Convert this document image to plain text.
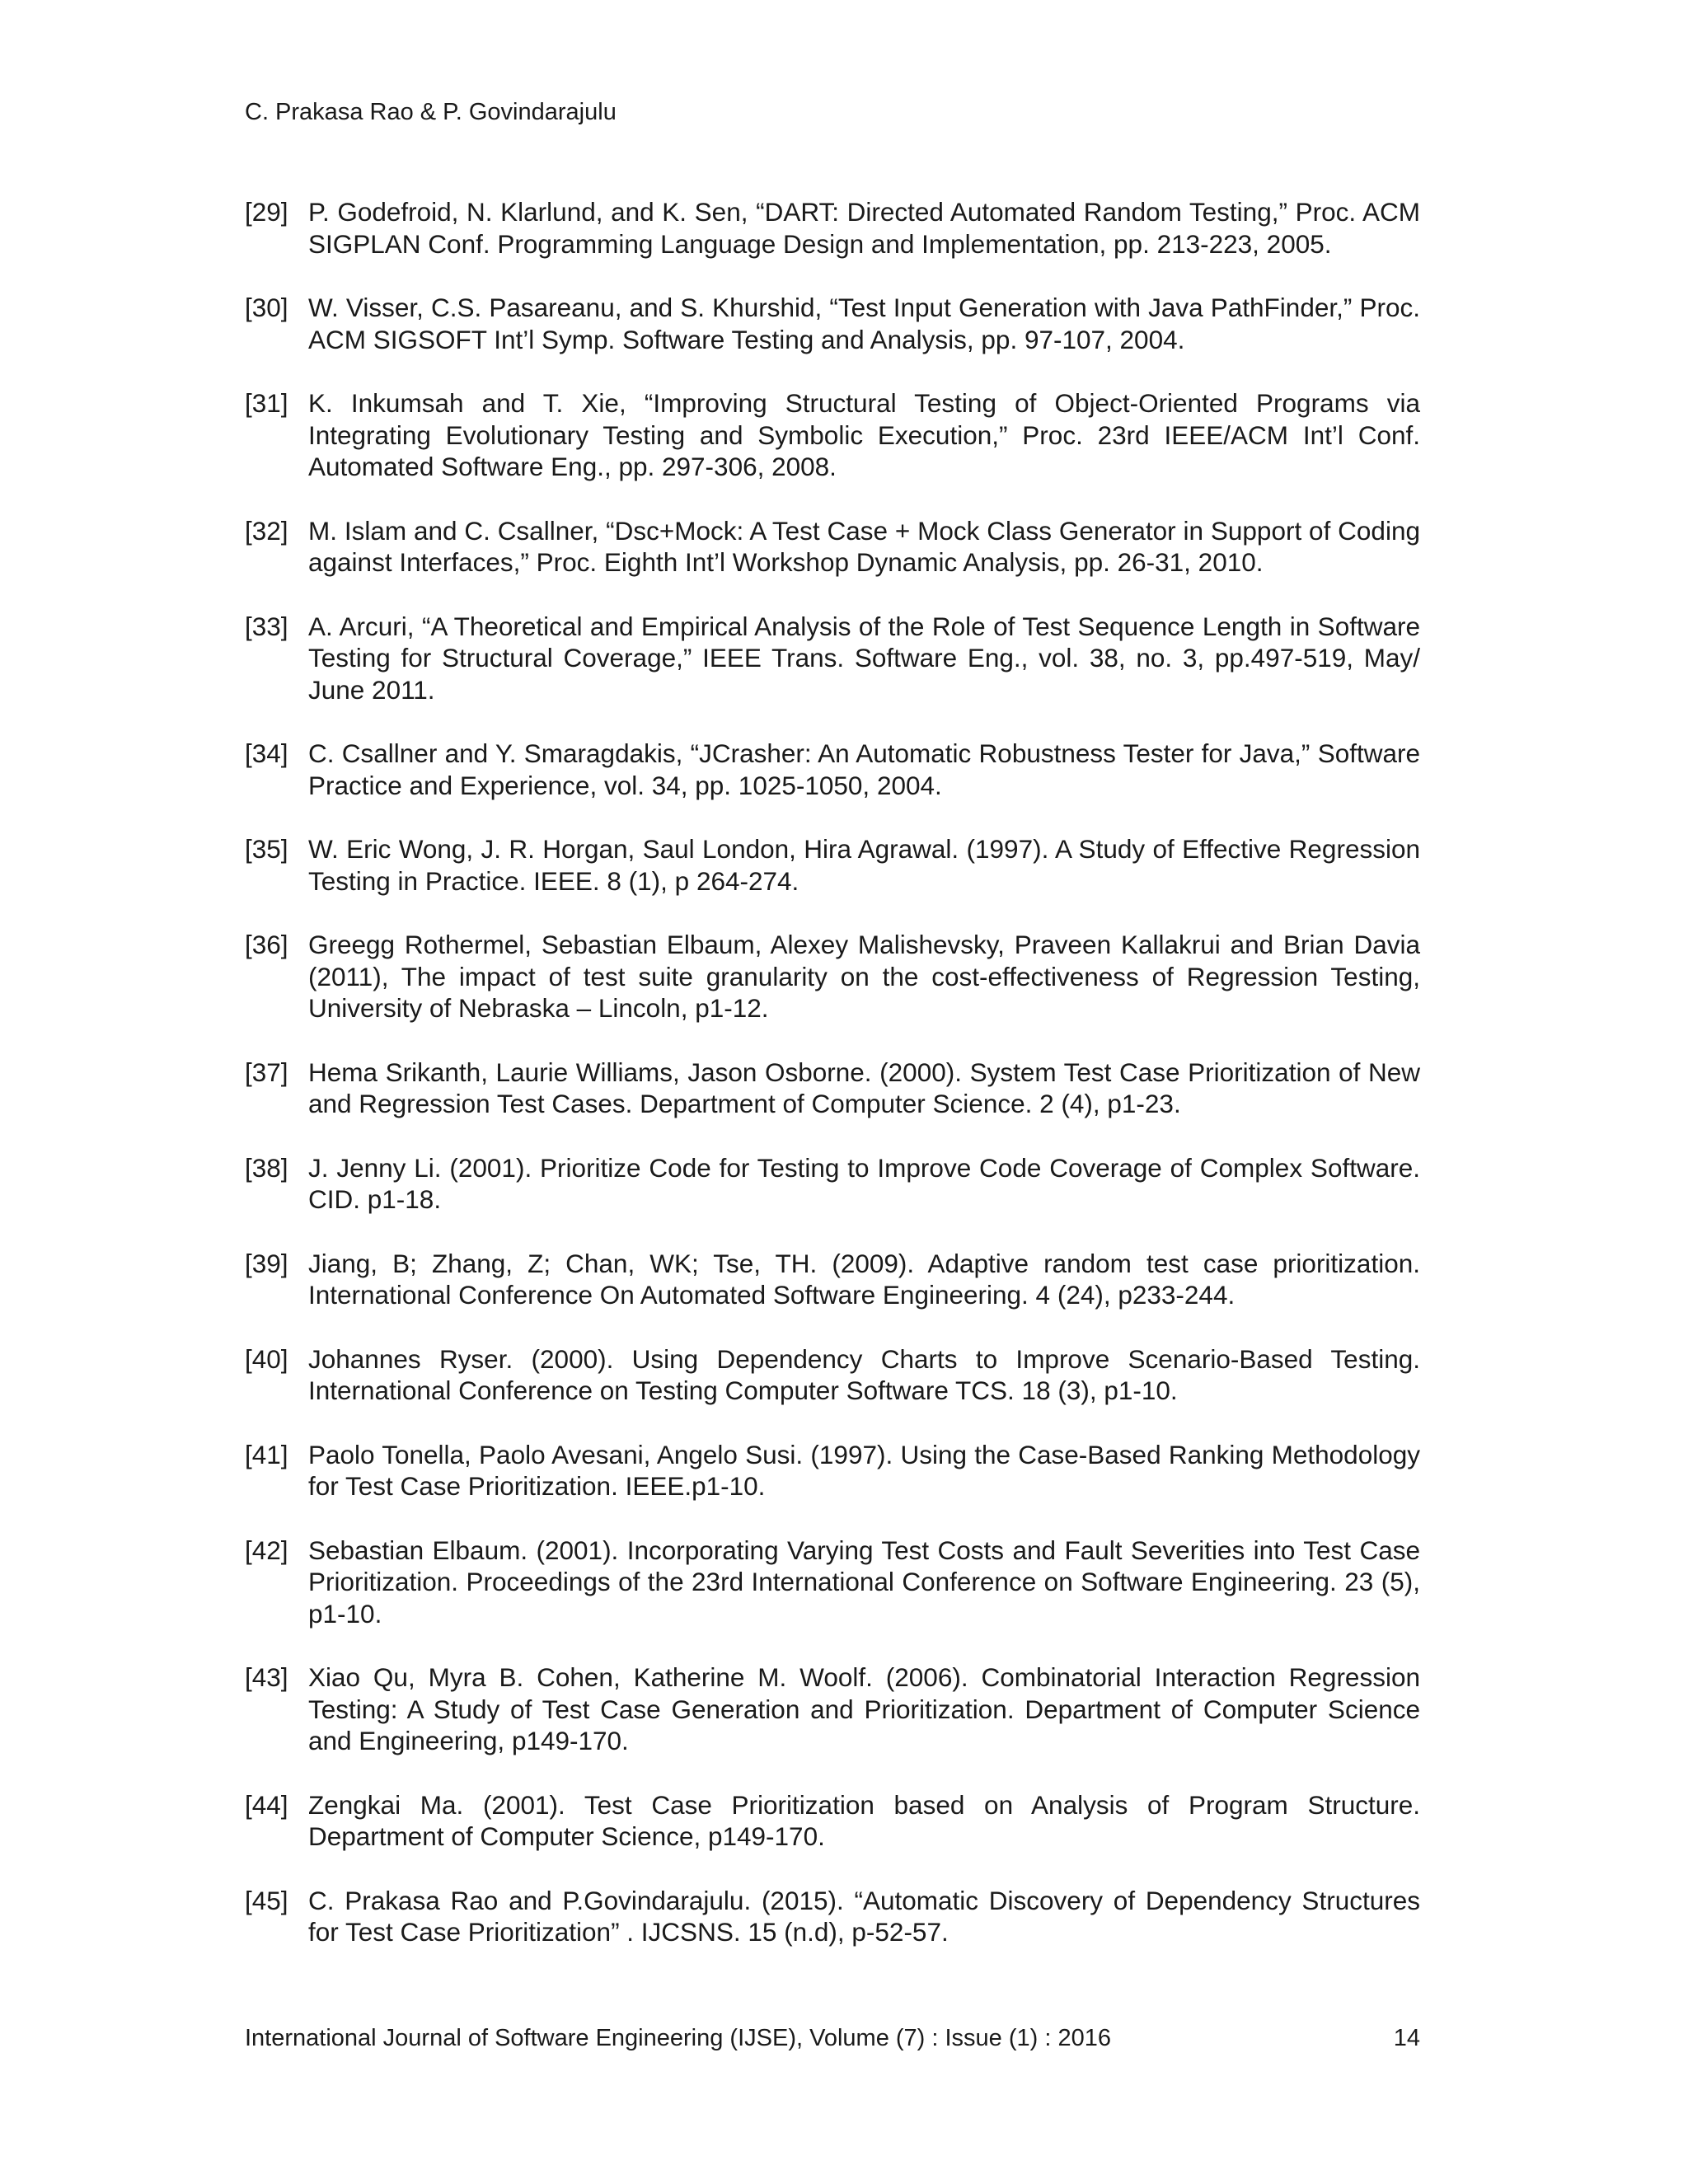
C. Prakasa Rao & P. Govindarajulu
[29] P. Godefroid, N. Klarlund, and K. Sen, “DART: Directed Automated Random Testing,” Proc. ACM SIGPLAN Conf. Programming Language Design and Implementation, pp. 213-223, 2005.
[30] W. Visser, C.S. Pasareanu, and S. Khurshid, “Test Input Generation with Java PathFinder,” Proc. ACM SIGSOFT Int’l Symp. Software Testing and Analysis, pp. 97-107, 2004.
[31] K. Inkumsah and T. Xie, “Improving Structural Testing of Object-Oriented Programs via Integrating Evolutionary Testing and Symbolic Execution,” Proc. 23rd IEEE/ACM Int’l Conf. Automated Software Eng., pp. 297-306, 2008.
[32] M. Islam and C. Csallner, “Dsc+Mock: A Test Case + Mock Class Generator in Support of Coding against Interfaces,” Proc. Eighth Int’l Workshop Dynamic Analysis, pp. 26-31, 2010.
[33] A. Arcuri, “A Theoretical and Empirical Analysis of the Role of Test Sequence Length in Software Testing for Structural Coverage,” IEEE Trans. Software Eng., vol. 38, no. 3, pp.497-519, May/ June 2011.
[34] C. Csallner and Y. Smaragdakis, “JCrasher: An Automatic Robustness Tester for Java,” Software Practice and Experience, vol. 34, pp. 1025-1050, 2004.
[35] W. Eric Wong, J. R. Horgan, Saul London, Hira Agrawal. (1997). A Study of Effective Regression Testing in Practice. IEEE. 8 (1), p 264-274.
[36] Greegg Rothermel, Sebastian Elbaum, Alexey Malishevsky, Praveen Kallakrui and Brian Davia (2011), The impact of test suite granularity on the cost-effectiveness of Regression Testing, University of Nebraska – Lincoln, p1-12.
[37] Hema Srikanth, Laurie Williams, Jason Osborne. (2000). System Test Case Prioritization of New and Regression Test Cases. Department of Computer Science. 2 (4), p1-23.
[38] J. Jenny Li. (2001). Prioritize Code for Testing to Improve Code Coverage of Complex Software. CID. p1-18.
[39] Jiang, B; Zhang, Z; Chan, WK; Tse, TH. (2009). Adaptive random test case prioritization. International Conference On Automated Software Engineering. 4 (24), p233-244.
[40] Johannes Ryser. (2000). Using Dependency Charts to Improve Scenario-Based Testing. International Conference on Testing Computer Software TCS. 18 (3), p1-10.
[41] Paolo Tonella, Paolo Avesani, Angelo Susi. (1997). Using the Case-Based Ranking Methodology for Test Case Prioritization. IEEE.p1-10.
[42] Sebastian Elbaum. (2001). Incorporating Varying Test Costs and Fault Severities into Test Case Prioritization. Proceedings of the 23rd International Conference on Software Engineering. 23 (5), p1-10.
[43] Xiao Qu, Myra B. Cohen, Katherine M. Woolf. (2006). Combinatorial Interaction Regression Testing: A Study of Test Case Generation and Prioritization. Department of Computer Science and Engineering, p149-170.
[44] Zengkai Ma. (2001). Test Case Prioritization based on Analysis of Program Structure. Department of Computer Science, p149-170.
[45] C. Prakasa Rao and P.Govindarajulu. (2015). “Automatic Discovery of Dependency Structures for Test Case Prioritization” . IJCSNS. 15 (n.d), p-52-57.
International Journal of Software Engineering (IJSE), Volume (7) : Issue (1) : 2016	14
